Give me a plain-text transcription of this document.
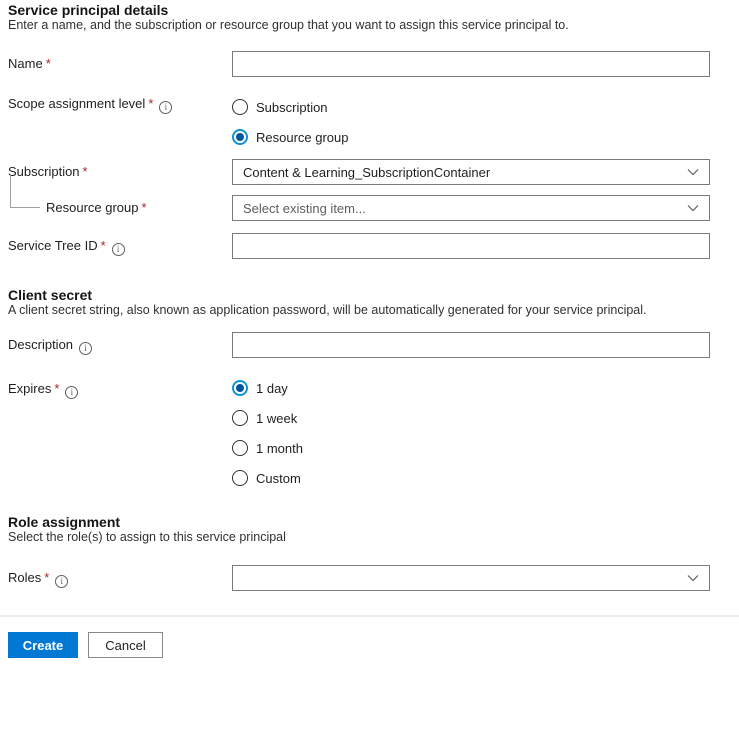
Service principal details

Enter a name, and the subscription or resource group that you want to assign this service principal to.

Name *
Scope assignment level * i	Subscription
Resource group
Subscription *	Content & Learning_SubscriptionContainer
Resource group *	Select existing item...
Service Tree ID *i
Client secret

A client secret string, also known as application password, will be automatically generated for your service principal.

Descriptioni
Expires * i	1 day
1 week
1 month
Custom
Role assignment

Select the role(s) to assign to this service principal

Roles *i
Create	Cancel
